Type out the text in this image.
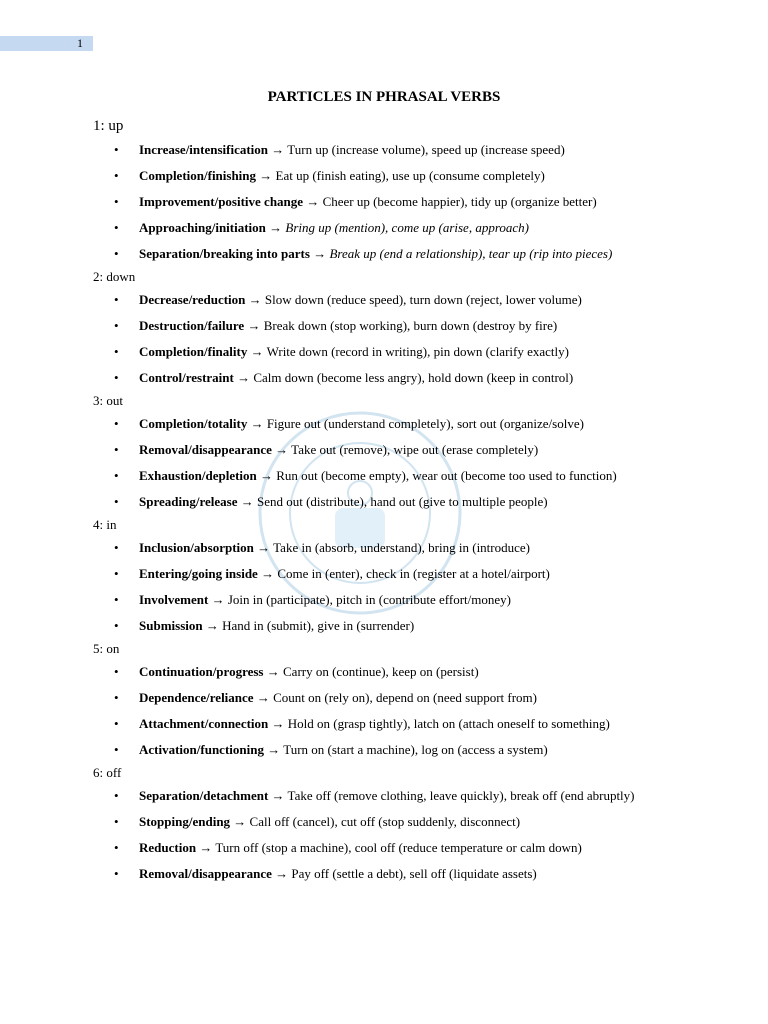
1
PARTICLES IN PHRASAL VERBS
1: up
• Increase/intensification → Turn up (increase volume), speed up (increase speed)
• Completion/finishing → Eat up (finish eating), use up (consume completely)
• Improvement/positive change → Cheer up (become happier), tidy up (organize better)
• Approaching/initiation → Bring up (mention), come up (arise, approach)
• Separation/breaking into parts → Break up (end a relationship), tear up (rip into pieces)
2: down
• Decrease/reduction → Slow down (reduce speed), turn down (reject, lower volume)
• Destruction/failure → Break down (stop working), burn down (destroy by fire)
• Completion/finality → Write down (record in writing), pin down (clarify exactly)
• Control/restraint → Calm down (become less angry), hold down (keep in control)
3: out
• Completion/totality → Figure out (understand completely), sort out (organize/solve)
• Removal/disappearance → Take out (remove), wipe out (erase completely)
• Exhaustion/depletion → Run out (become empty), wear out (become too used to function)
• Spreading/release → Send out (distribute), hand out (give to multiple people)
4: in
• Inclusion/absorption → Take in (absorb, understand), bring in (introduce)
• Entering/going inside → Come in (enter), check in (register at a hotel/airport)
• Involvement → Join in (participate), pitch in (contribute effort/money)
• Submission → Hand in (submit), give in (surrender)
5: on
• Continuation/progress → Carry on (continue), keep on (persist)
• Dependence/reliance → Count on (rely on), depend on (need support from)
• Attachment/connection → Hold on (grasp tightly), latch on (attach oneself to something)
• Activation/functioning → Turn on (start a machine), log on (access a system)
6: off
• Separation/detachment → Take off (remove clothing, leave quickly), break off (end abruptly)
• Stopping/ending → Call off (cancel), cut off (stop suddenly, disconnect)
• Reduction → Turn off (stop a machine), cool off (reduce temperature or calm down)
• Removal/disappearance → Pay off (settle a debt), sell off (liquidate assets)
